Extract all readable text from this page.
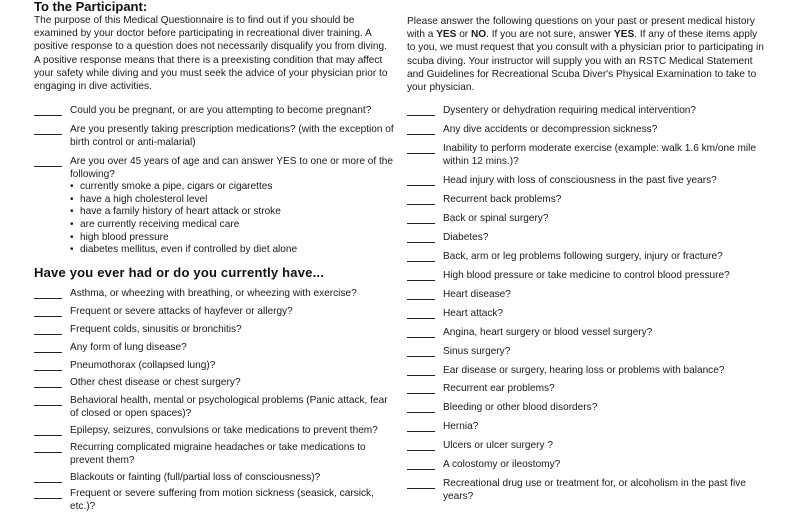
To the Participant:
The purpose of this Medical Questionnaire is to find out if you should be examined by your doctor before participating in recreational diver training. A positive response to a question does not necessarily disqualify you from diving. A positive response means that there is a preexisting condition that may affect your safety while diving and you must seek the advice of your physician prior to engaging in dive activities.
Could you be pregnant, or are you attempting to become pregnant?
Are you presently taking prescription medications? (with the exception of birth control or anti-malarial)
Are you over 45 years of age and can answer YES to one or more of the following?
• currently smoke a pipe, cigars or cigarettes
• have a high cholesterol level
• have a family history of heart attack or stroke
• are currently receiving medical care
• high blood pressure
• diabetes mellitus, even if controlled by diet alone
Asthma, or wheezing with breathing, or wheezing with exercise?
Frequent or severe attacks of hayfever or allergy?
Frequent colds, sinusitis or bronchitis?
Any form of lung disease?
Pneumothorax (collapsed lung)?
Other chest disease or chest surgery?
Behavioral health, mental or psychological problems (Panic attack, fear of closed or open spaces)?
Epilepsy, seizures, convulsions or take medications to prevent them?
Recurring complicated migraine headaches or take medications to prevent them?
Blackouts or fainting (full/partial loss of consciousness)?
Frequent or severe suffering from motion sickness (seasick, carsick, etc.)?
Have you ever had or do you currently have...
Please answer the following questions on your past or present medical history with a YES or NO. If you are not sure, answer YES. If any of these items apply to you, we must request that you consult with a physician prior to participating in scuba diving. Your instructor will supply you with an RSTC Medical Statement and Guidelines for Recreational Scuba Diver's Physical Examination to take to your physician.
Dysentery or dehydration requiring medical intervention?
Any dive accidents or decompression sickness?
Inability to perform moderate exercise (example: walk 1.6 km/one mile within 12 mins.)?
Head injury with loss of consciousness in the past five years?
Recurrent back problems?
Back or spinal surgery?
Diabetes?
Back, arm or leg problems following surgery, injury or fracture?
High blood pressure or take medicine to control blood pressure?
Heart disease?
Heart attack?
Angina, heart surgery or blood vessel surgery?
Sinus surgery?
Ear disease or surgery, hearing loss or problems with balance?
Recurrent ear problems?
Bleeding or other blood disorders?
Hernia?
Ulcers or ulcer surgery ?
A colostomy or ileostomy?
Recreational drug use or treatment for, or alcoholism in the past five years?
